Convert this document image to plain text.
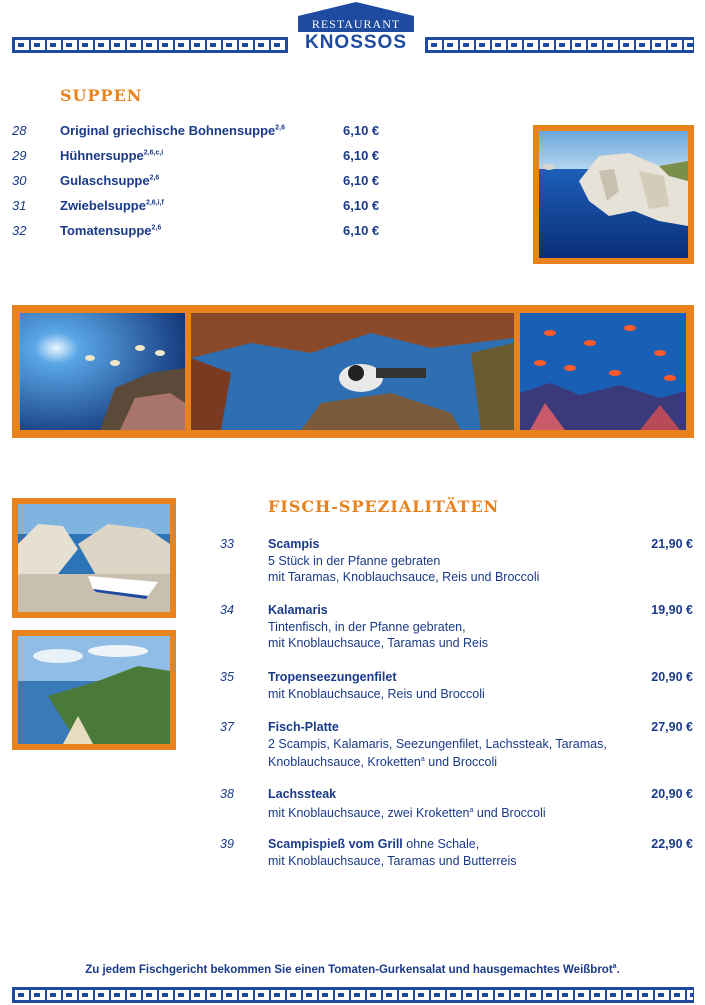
RESTAURANT
KNOSSOS
SUPPEN
28	Original griechische Bohnensuppe$^{2,6}$	6,10 €
29	Hühnersuppe$^{2,6,c,i}$	6,10 €
30	Gulaschsuppe$^{2,6}$	6,10 €
31	Zwiebelsuppe$^{2,6,i,f}$	6,10 €
32	Tomatensuppe$^{2,6}$	6,10 €
FISCH-SPEZIALITÄTEN
33	Scampis
5 Stück in der Pfanne gebraten
mit Taramas, Knoblauchsauce, Reis und Broccoli
21,90 €
34	Kalamaris
Tintenfisch, in der Pfanne gebraten,
mit Knoblauchsauce, Taramas und Reis
19,90 €
35	Tropenseezungenfilet
mit Knoblauchsauce, Reis und Broccoli
20,90 €
37	Fisch-Platte
2 Scampis, Kalamaris, Seezungenfilet, Lachssteak, Taramas,
Knoblauchsauce, Kroketten$^a$ und Broccoli
27,90 €
38	Lachssteak
mit Knoblauchsauce, zwei Kroketten$^a$ und Broccoli
20,90 €
39	Scampispieß vom Grill ohne Schale,
mit Knoblauchsauce, Taramas und Butterreis
22,90 €
Zu jedem Fischgericht bekommen Sie einen Tomaten-Gurkensalat und hausgemachtes Weißbrot$^a$.
